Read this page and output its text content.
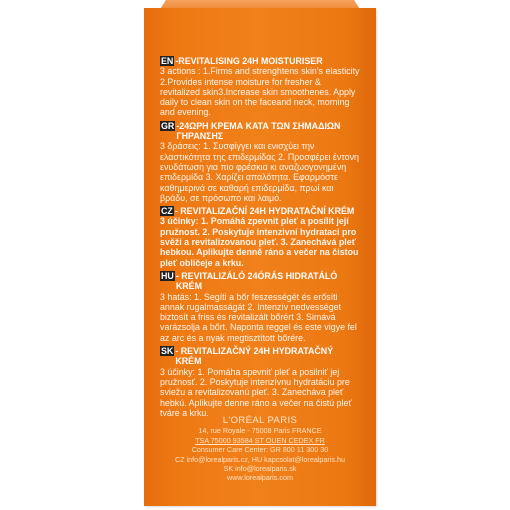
EN -REVITALISING 24H MOISTURISER
3 actions : 1.Firms and strenghtens skin's elasticity 2.Provides intense moisture for fresher & revitalized skin3.Increase skin smoothenes. Apply daily to clean skin on the faceand neck, morning and evening.
GR -24ΩΡΗ ΚΡΕΜΑ ΚΑΤΑ ΤΩΝ ΣΗΜΑΔΙΩΝ ΓΗΡΑΝΣΗΣ
3 δράσεις: 1. Συσφίγγει και ενισχύει την ελαστικότητα της επιδερμίδας 2. Προσφέρει έντονη ενυδάτωση για πιο φρέσκια κι αναζωογονημένη επιδερμίδα 3. Χαρίζει απαλότητα. Εφαρμόστε καθημερινά σε καθαρή επιδερμίδα, πρωί και βράδυ, σε πρόσωπο και λαιμό.
CZ - REVITALIZAČNÍ 24H HYDRATAČNÍ KRÉM
3 účinky: 1. Pomáhá zpevnit pleť a posílit její pružnost. 2. Poskytuje intenzivní hydrataci pro svěží a revitalizovanou pleť. 3. Zanechává pleť hebkou. Aplikujte denně ráno a večer na čistou pleť obličeje a krku.
HU - REVITALIZÁLÓ 24ÓRÁS HIDRATÁLÓ KRÉM
3 hatás: 1. Segíti a bőr feszességét és erősíti annak rugalmasságát 2. Intenzív nedvességet biztosít a friss és revitalizált bőrért 3. Simává varázsolja a bőrt. Naponta reggel és este vigye fel az arc és a nyak megtisztított bőrére.
SK - REVITALIZAČNÝ 24H HYDRATAČNÝ KRÉM
3 účinky: 1. Pomáha spevniť pleť a posilniť jej pružnosť. 2. Poskytuje intenzívnu hydratáciu pre sviežu a revitalizovanú pleť. 3. Zanecháva pleť hebkú. Aplikujte denne ráno a večer na čistú pleť tváre a krku.
L'ORÉAL PARIS
14, rue Royale - 75008 Paris FRANCE
TSA 75000 93584 ST OUEN CEDEX FR
Consumer Care Center: GR 800 11 300 30
CZ info@lorealparis.cz, HU kapcsolat@lorealparis.hu
SK info@lorealparis.sk
www.lorealparis.com
